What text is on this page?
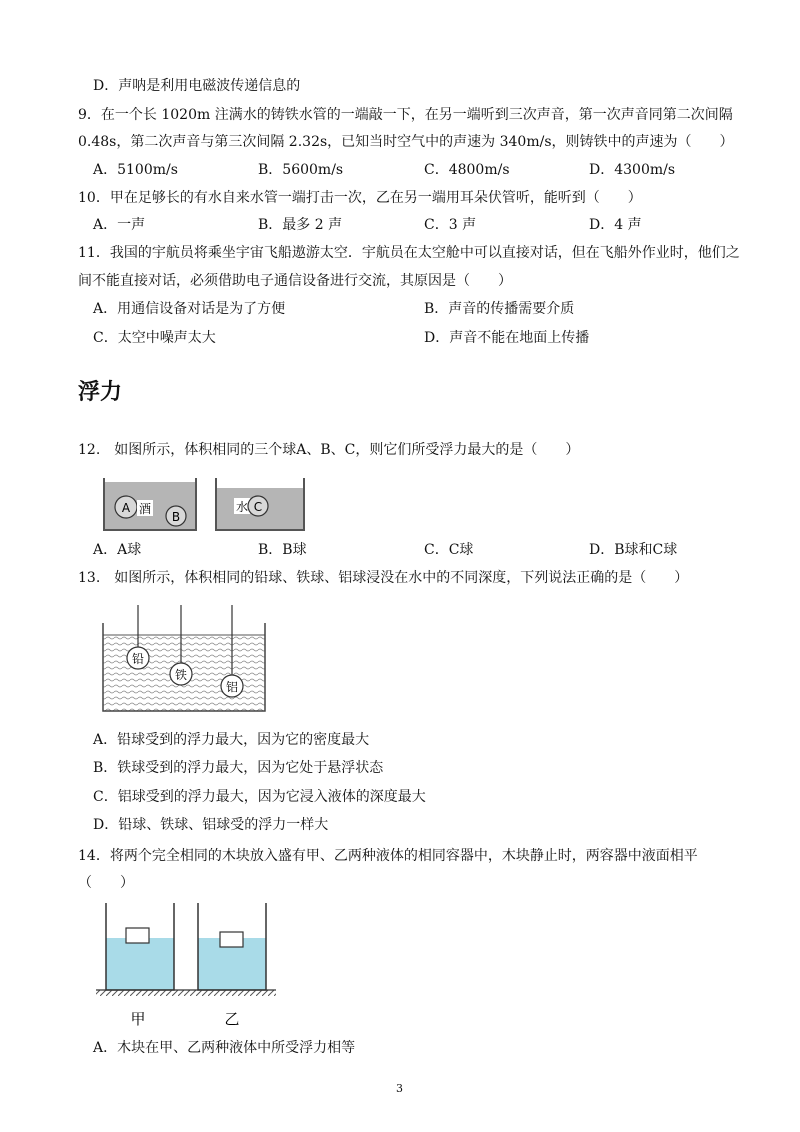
D．声呐是利用电磁波传递信息的
9．在一个长 1020m 注满水的铸铁水管的一端敲一下，在另一端听到三次声音，第一次声音同第二次间隔
0.48s，第二次声音与第三次间隔 2.32s，已知当时空气中的声速为 340m/s，则铸铁中的声速为（　　）
A．5100m/s	B．5600m/s	C．4800m/s	D．4300m/s
10．甲在足够长的有水自来水管一端打击一次，乙在另一端用耳朵伏管听，能听到（　　）
A．一声	B．最多 2 声	C．3 声	D．4 声
11．我国的宇航员将乘坐宇宙飞船遨游太空．宇航员在太空舱中可以直接对话，但在飞船外作业时，他们之
间不能直接对话，必须借助电子通信设备进行交流，其原因是（　　）
A．用通信设备对话是为了方便	B．声音的传播需要介质
C．太空中噪声太大	D．声音不能在地面上传播
浮力
12.　如图所示，体积相同的三个球A、B、C，则它们所受浮力最大的是（　　）
A 酒
B
水 C
A．A球	B．B球	C．C球	D．B球和C球
13.　如图所示，体积相同的铅球、铁球、铝球浸没在水中的不同深度，下列说法正确的是（　　）
铅
铁
铝
A．铅球受到的浮力最大，因为它的密度最大
B．铁球受到的浮力最大，因为它处于悬浮状态
C．铝球受到的浮力最大，因为它浸入液体的深度最大
D．铅球、铁球、铝球受的浮力一样大
14．将两个完全相同的木块放入盛有甲、乙两种液体的相同容器中，木块静止时，两容器中液面相平
（　　）
甲	乙
A．木块在甲、乙两种液体中所受浮力相等
3
